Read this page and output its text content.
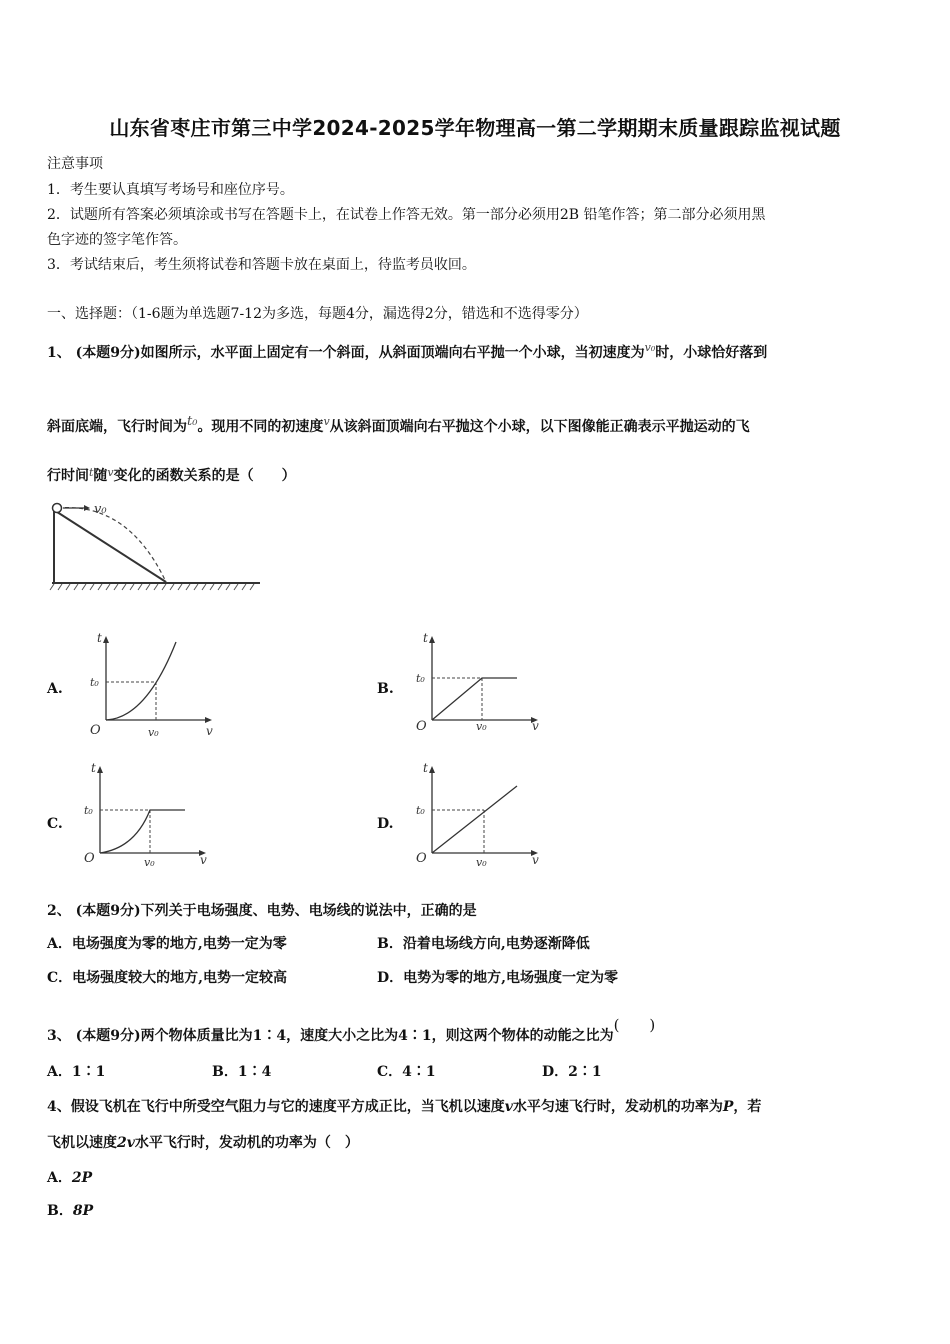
山东省枣庄市第三中学2024-2025学年物理高一第二学期期末质量跟踪监视试题
注意事项
1．考生要认真填写考场号和座位序号。
2．试题所有答案必须填涂或书写在答题卡上，在试卷上作答无效。第一部分必须用2B 铅笔作答；第二部分必须用黑
色字迹的签字笔作答。
3．考试结束后，考生须将试卷和答题卡放在桌面上，待监考员收回。
一、选择题：（1-6题为单选题7-12为多选，每题4分，漏选得2分，错选和不选得零分）
1、 (本题9分)如图所示，水平面上固定有一个斜面，从斜面顶端向右平抛一个小球，当初速度为$^{v_0}$时，小球恰好落到
斜面底端，飞行时间为t₀。现用不同的初速度$^v$从该斜面顶端向右平抛这个小球，以下图像能正确表示平抛运动的飞
行时间$^t$随$^v$变化的函数关系的是（　　）
v₀
A.
t
v
O
t₀
v₀
B.
t
v
O
t₀
v₀
C.
t
v
O
t₀
v₀
D.
t
v
O
t₀
v₀
2、 (本题9分)下列关于电场强度、电势、电场线的说法中，正确的是
A．电场强度为零的地方,电势一定为零	B．沿着电场线方向,电势逐渐降低
C．电场强度较大的地方,电势一定较高	D．电势为零的地方,电场强度一定为零
3、 (本题9分)两个物体质量比为1∶4，速度大小之比为4∶1，则这两个物体的动能之比为(　　)
A．1∶1	B．1∶4	C．4∶1	D．2∶1
4、假设飞机在飞行中所受空气阻力与它的速度平方成正比，当飞机以速度v水平匀速飞行时，发动机的功率为P，若
飞机以速度2v水平飞行时，发动机的功率为（　）
A．2P
B．8P
